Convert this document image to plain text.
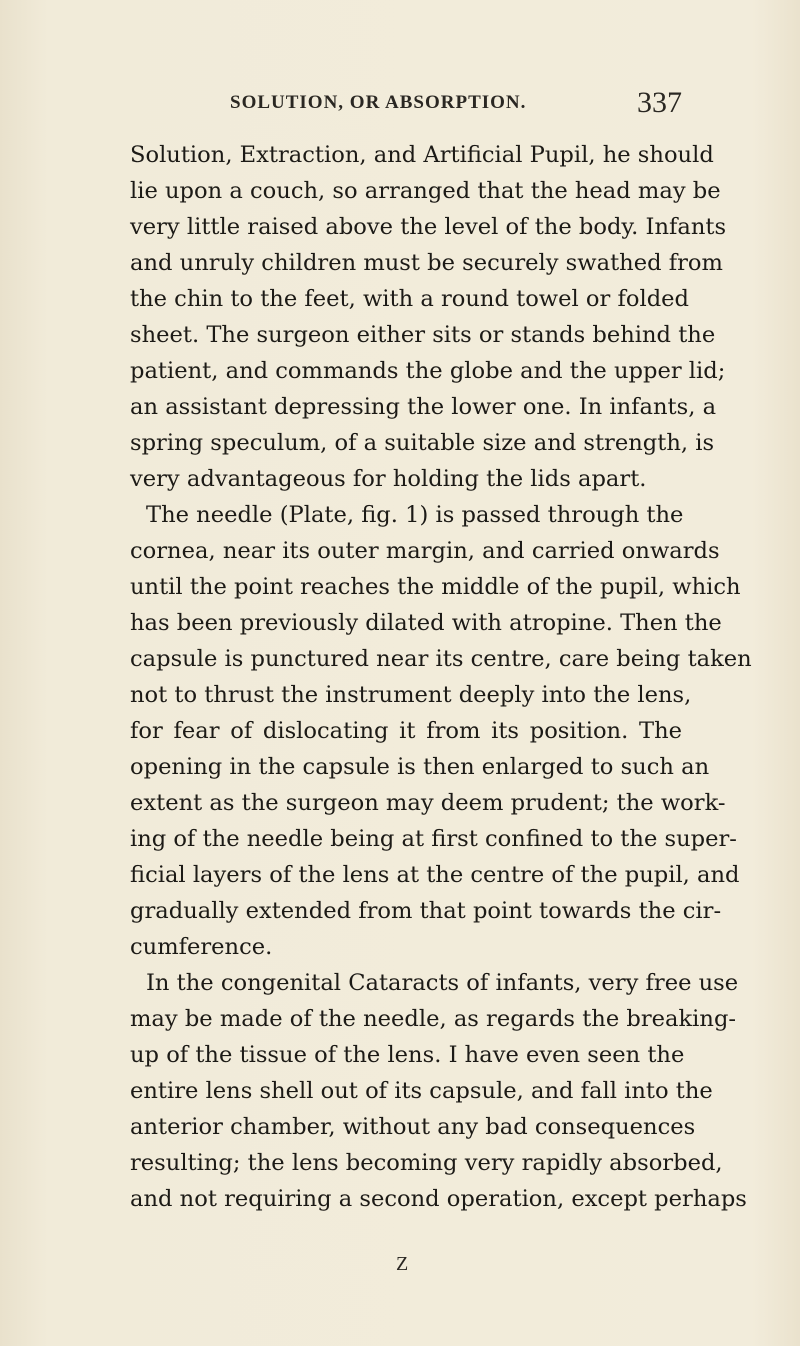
SOLUTION, OR ABSORPTION.	337
Solution, Extraction, and Artificial Pupil, he should
lie upon a couch, so arranged that the head may be
very little raised above the level of the body. Infants
and unruly children must be securely swathed from
the chin to the feet, with a round towel or folded
sheet. The surgeon either sits or stands behind the
patient, and commands the globe and the upper lid;
an assistant depressing the lower one. In infants, a
spring speculum, of a suitable size and strength, is
very advantageous for holding the lids apart.
The needle (Plate, fig. 1) is passed through the
cornea, near its outer margin, and carried onwards
until the point reaches the middle of the pupil, which
has been previously dilated with atropine. Then the
capsule is punctured near its centre, care being taken
not to thrust the instrument deeply into the lens,
for fear of dislocating it from its position. The
opening in the capsule is then enlarged to such an
extent as the surgeon may deem prudent; the work-
ing of the needle being at first confined to the super-
ficial layers of the lens at the centre of the pupil, and
gradually extended from that point towards the cir-
cumference.
In the congenital Cataracts of infants, very free use
may be made of the needle, as regards the breaking-
up of the tissue of the lens. I have even seen the
entire lens shell out of its capsule, and fall into the
anterior chamber, without any bad consequences
resulting; the lens becoming very rapidly absorbed,
and not requiring a second operation, except perhaps
Z
